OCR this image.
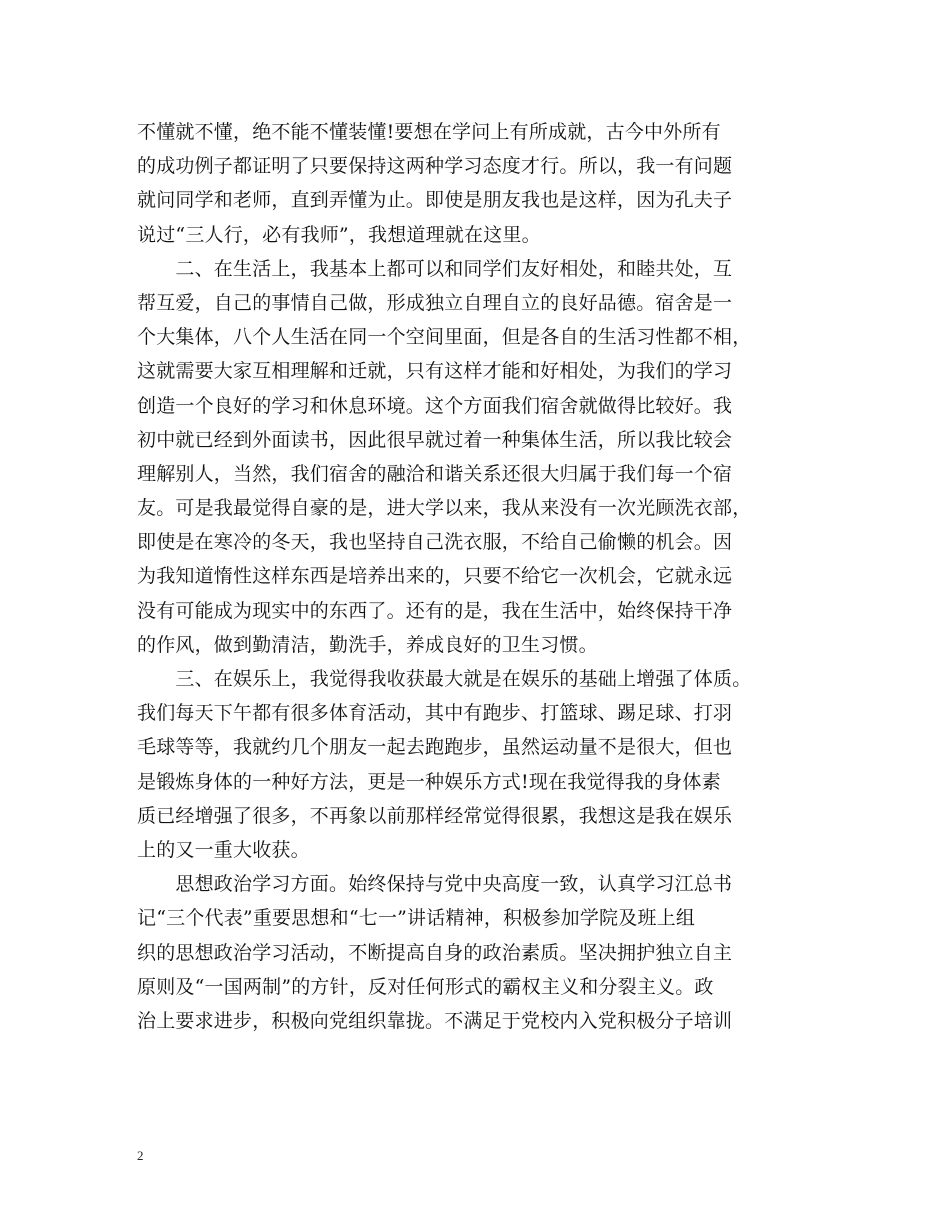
不懂就不懂，绝不能不懂装懂!要想在学问上有所成就，古今中外所有
的成功例子都证明了只要保持这两种学习态度才行。所以，我一有问题
就问同学和老师，直到弄懂为止。即使是朋友我也是这样，因为孔夫子
说过“三人行，必有我师”，我想道理就在这里。
　　二、在生活上，我基本上都可以和同学们友好相处，和睦共处，互
帮互爱，自己的事情自己做，形成独立自理自立的良好品德。宿舍是一
个大集体，八个人生活在同一个空间里面，但是各自的生活习性都不相，
这就需要大家互相理解和迁就，只有这样才能和好相处，为我们的学习
创造一个良好的学习和休息环境。这个方面我们宿舍就做得比较好。我
初中就已经到外面读书，因此很早就过着一种集体生活，所以我比较会
理解别人，当然，我们宿舍的融洽和谐关系还很大归属于我们每一个宿
友。可是我最觉得自豪的是，进大学以来，我从来没有一次光顾洗衣部，
即使是在寒冷的冬天，我也坚持自己洗衣服，不给自己偷懒的机会。因
为我知道惰性这样东西是培养出来的，只要不给它一次机会，它就永远
没有可能成为现实中的东西了。还有的是，我在生活中，始终保持干净
的作风，做到勤清洁，勤洗手，养成良好的卫生习惯。
　　三、在娱乐上，我觉得我收获最大就是在娱乐的基础上增强了体质。
我们每天下午都有很多体育活动，其中有跑步、打篮球、踢足球、打羽
毛球等等，我就约几个朋友一起去跑跑步，虽然运动量不是很大，但也
是锻炼身体的一种好方法，更是一种娱乐方式!现在我觉得我的身体素
质已经增强了很多，不再象以前那样经常觉得很累，我想这是我在娱乐
上的又一重大收获。
　　思想政治学习方面。始终保持与党中央高度一致，认真学习江总书
记“三个代表”重要思想和“七一”讲话精神，积极参加学院及班上组
织的思想政治学习活动，不断提高自身的政治素质。坚决拥护独立自主
原则及“一国两制”的方针，反对任何形式的霸权主义和分裂主义。政
治上要求进步，积极向党组织靠拢。不满足于党校内入党积极分子培训
2
